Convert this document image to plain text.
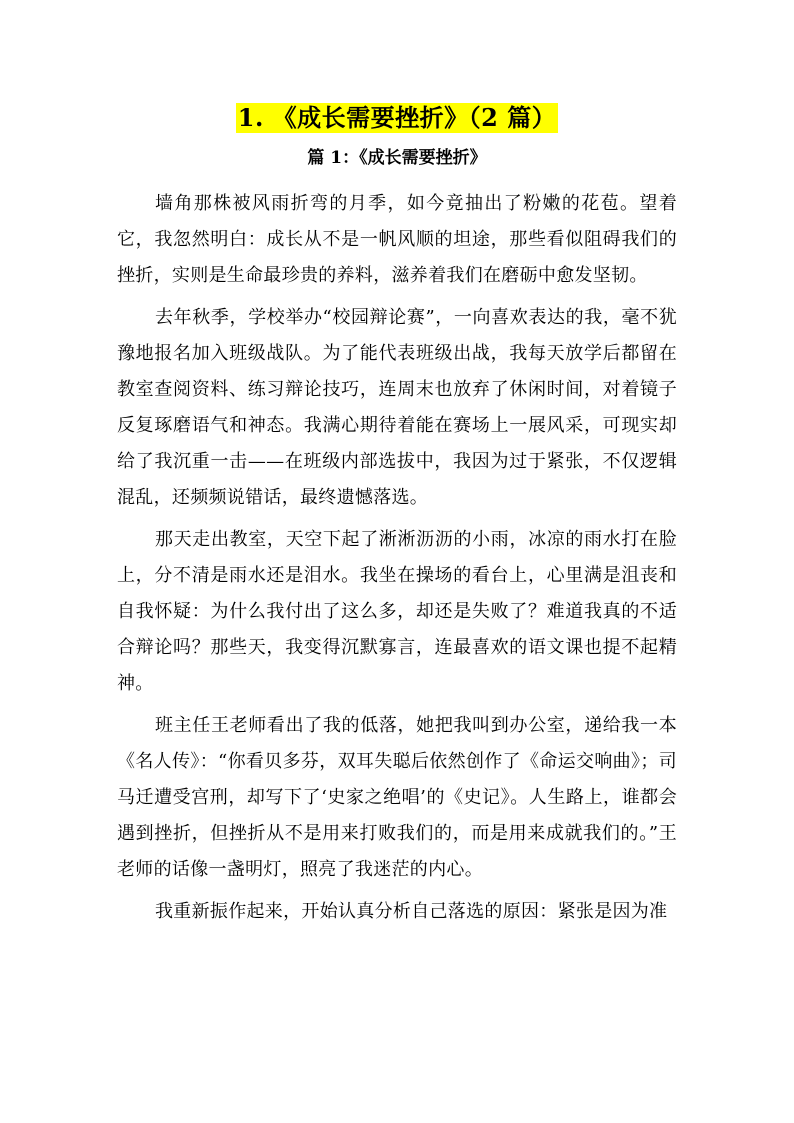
1. 《成长需要挫折》（2 篇）
篇 1：《成长需要挫折》

墙角那株被风雨折弯的月季，如今竟抽出了粉嫩的花苞。望着它，我忽然明白：成长从不是一帆风顺的坦途，那些看似阻碍我们的挫折，实则是生命最珍贵的养料，滋养着我们在磨砺中愈发坚韧。

去年秋季，学校举办“校园辩论赛”，一向喜欢表达的我，毫不犹豫地报名加入班级战队。为了能代表班级出战，我每天放学后都留在教室查阅资料、练习辩论技巧，连周末也放弃了休闲时间，对着镜子反复琢磨语气和神态。我满心期待着能在赛场上一展风采，可现实却给了我沉重一击——在班级内部选拔中，我因为过于紧张，不仅逻辑混乱，还频频说错话，最终遗憾落选。

那天走出教室，天空下起了淅淅沥沥的小雨，冰凉的雨水打在脸上，分不清是雨水还是泪水。我坐在操场的看台上，心里满是沮丧和自我怀疑：为什么我付出了这么多，却还是失败了？难道我真的不适合辩论吗？那些天，我变得沉默寡言，连最喜欢的语文课也提不起精神。

班主任王老师看出了我的低落，她把我叫到办公室，递给我一本《名人传》：“你看贝多芬，双耳失聪后依然创作了《命运交响曲》；司马迁遭受宫刑，却写下了‘史家之绝唱’的《史记》。人生路上，谁都会遇到挫折，但挫折从不是用来打败我们的，而是用来成就我们的。”王老师的话像一盏明灯，照亮了我迷茫的内心。

我重新振作起来，开始认真分析自己落选的原因：紧张是因为准
